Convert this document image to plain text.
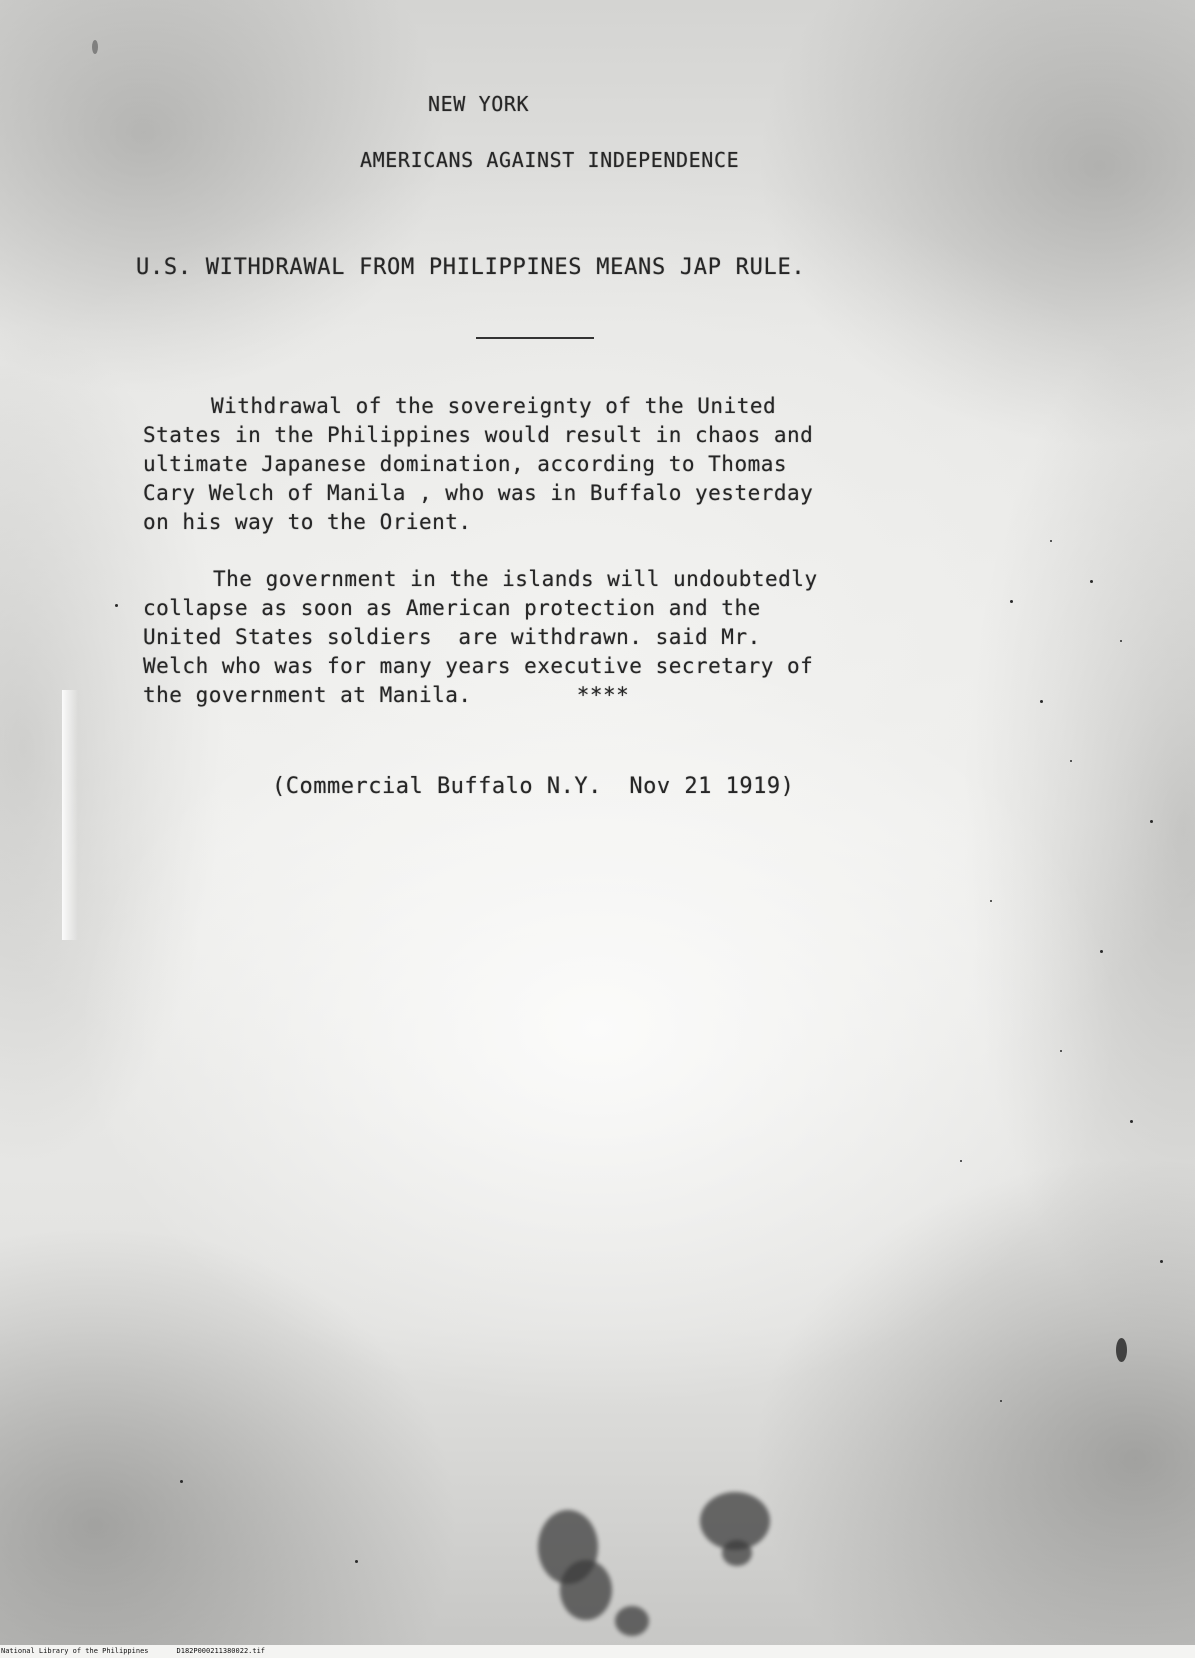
NEW YORK
AMERICANS AGAINST INDEPENDENCE
U.S. WITHDRAWAL FROM PHILIPPINES MEANS JAP RULE.
Withdrawal of the sovereignty of the United
States in the Philippines would result in chaos and
ultimate Japanese domination, according to Thomas
Cary Welch of Manila , who was in Buffalo yesterday
on his way to the Orient.
The government in the islands will undoubtedly
collapse as soon as American protection and the
United States soldiers  are withdrawn. said Mr.
Welch who was for many years executive secretary of
the government at Manila.        ****
(Commercial Buffalo N.Y.  Nov 21 1919)
National Library of the Philippines	D182P000211380022.tif
